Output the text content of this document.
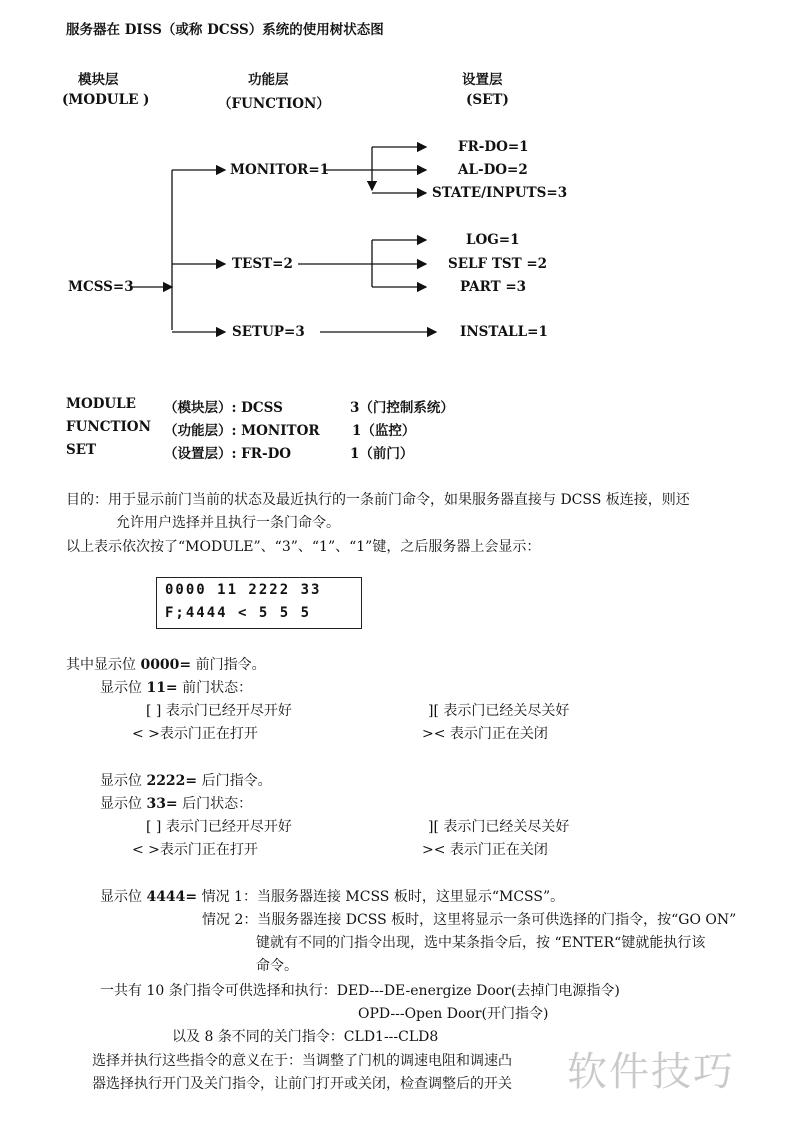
服务器在 DISS（或称 DCSS）系统的使用树状态图
模块层
(MODULE )
功能层
（FUNCTION）
设置层
(SET)
MCSS=3
MONITOR=1
TEST=2
SETUP=3
FR-DO=1
AL-DO=2
STATE/INPUTS=3
LOG=1
SELF TST =2
PART =3
INSTALL=1
MODULE （模块层）: DCSS	3（门控制系统）
FUNCTION （功能层）: MONITOR 1（监控）
SET	（设置层）: FR-DO	1（前门）
目的：用于显示前门当前的状态及最近执行的一条前门命令，如果服务器直接与 DCSS 板连接，则还
允许用户选择并且执行一条门命令。
以上表示依次按了“MODULE”、“3”、“1”、“1”键，之后服务器上会显示：
0000 11 2222 33
F;4444 < 5 5 5
其中显示位 0000= 前门指令。
显示位 11= 前门状态：
[ ] 表示门已经开尽开好	][ 表示门已经关尽关好
< >表示门正在打开	>< 表示门正在关闭
显示位 2222= 后门指令。
显示位 33= 后门状态：
[ ] 表示门已经开尽开好	][ 表示门已经关尽关好
< >表示门正在打开	>< 表示门正在关闭
显示位 4444= 情况 1：当服务器连接 MCSS 板时，这里显示“MCSS”。
情况 2：当服务器连接 DCSS 板时，这里将显示一条可供选择的门指令，按“GO ON”
键就有不同的门指令出现，选中某条指令后，按 “ENTER“键就能执行该
命令。
一共有 10 条门指令可供选择和执行：DED---DE-energize Door(去掉门电源指令)
OPD---Open Door(开门指令)
以及 8 条不同的关门指令：CLD1---CLD8
选择并执行这些指令的意义在于：当调整了门机的调速电阻和调速凸
器选择执行开门及关门指令，让前门打开或关闭，检查调整后的开关 软件技巧
